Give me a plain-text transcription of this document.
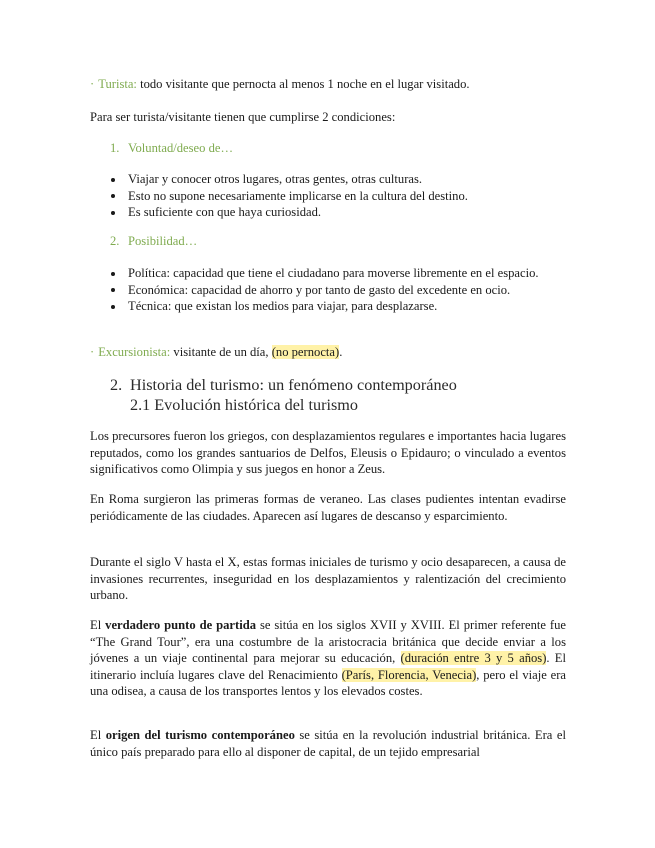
· Turista: todo visitante que pernocta al menos 1 noche en el lugar visitado.

Para ser turista/visitante tienen que cumplirse 2 condiciones:

1. Voluntad/deseo de…
Viajar y conocer otros lugares, otras gentes, otras culturas.
Esto no supone necesariamente implicarse en la cultura del destino.
Es suficiente con que haya curiosidad.
2. Posibilidad…
Política: capacidad que tiene el ciudadano para moverse libremente en el espacio.
Económica: capacidad de ahorro y por tanto de gasto del excedente en ocio.
Técnica: que existan los medios para viajar, para desplazarse.

· Excursionista: visitante de un día, (no pernocta).

2. Historia del turismo: un fenómeno contemporáneo
2.1 Evolución histórica del turismo

Los precursores fueron los griegos, con desplazamientos regulares e importantes hacia lugares reputados, como los grandes santuarios de Delfos, Eleusis o Epidauro; o vinculado a eventos significativos como Olimpia y sus juegos en honor a Zeus.

En Roma surgieron las primeras formas de veraneo. Las clases pudientes intentan evadirse periódicamente de las ciudades. Aparecen así lugares de descanso y esparcimiento.

Durante el siglo V hasta el X, estas formas iniciales de turismo y ocio desaparecen, a causa de invasiones recurrentes, inseguridad en los desplazamientos y ralentización del crecimiento urbano.

El verdadero punto de partida se sitúa en los siglos XVII y XVIII. El primer referente fue “The Grand Tour”, era una costumbre de la aristocracia británica que decide enviar a los jóvenes a un viaje continental para mejorar su educación, (duración entre 3 y 5 años). El itinerario incluía lugares clave del Renacimiento (París, Florencia, Venecia), pero el viaje era una odisea, a causa de los transportes lentos y los elevados costes.

El origen del turismo contemporáneo se sitúa en la revolución industrial británica. Era el único país preparado para ello al disponer de capital, de un tejido empresarial
